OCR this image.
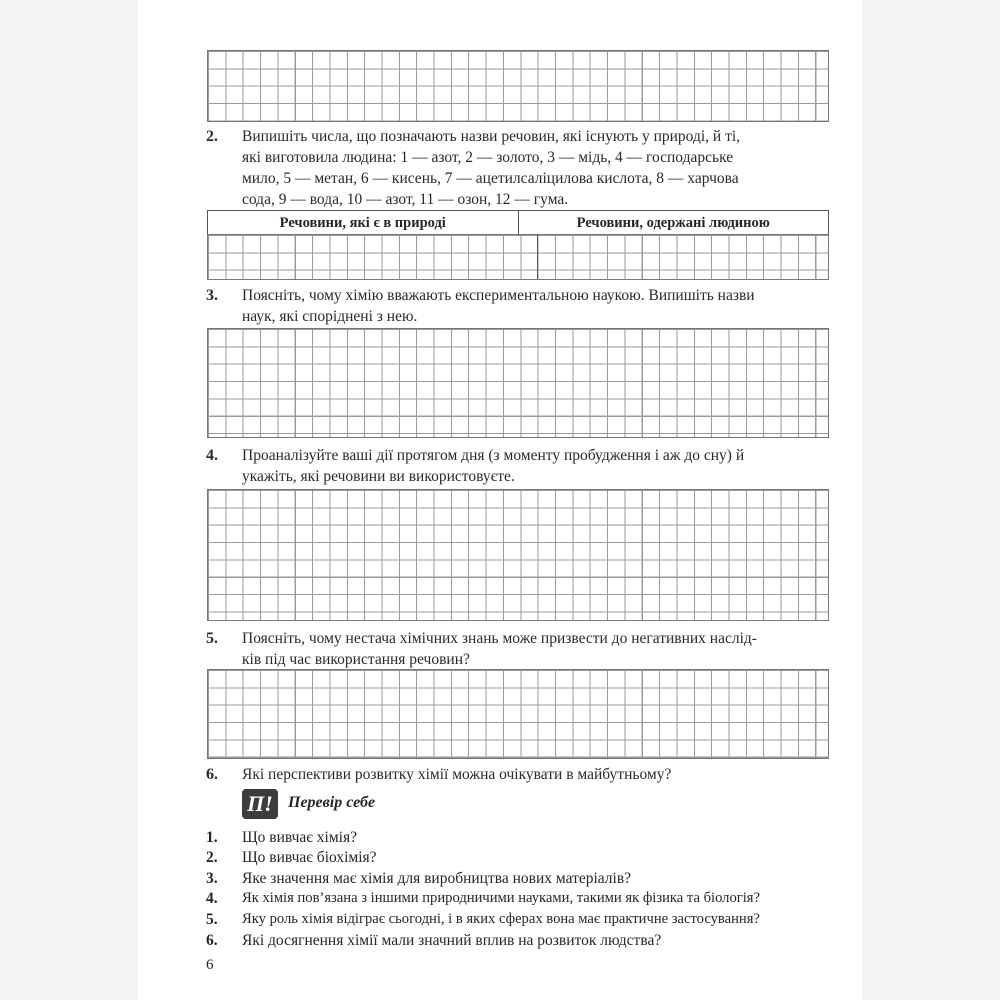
2. Випишіть числа, що позначають назви речовин, які існують у природі, й ті,
які виготовила людина: 1 — азот, 2 — золото, 3 — мідь, 4 — господарське
мило, 5 — метан, 6 — кисень, 7 — ацетилсаліцилова кислота, 8 — харчова
сода, 9 — вода, 10 — азот, 11 — озон, 12 — гума.
Речовини, які є в природі	Речовини, одержані людиною
3. Поясніть, чому хімію вважають експериментальною наукою. Випишіть назви
наук, які споріднені з нею.
4. Проаналізуйте ваші дії протягом дня (з моменту пробудження і аж до сну) й
укажіть, які речовини ви використовуєте.
5. Поясніть, чому нестача хімічних знань може призвести до негативних наслід-
ків під час використання речовин?
6. Які перспективи розвитку хімії можна очікувати в майбутньому?
П! Перевір себе
1. Що вивчає хімія?
2. Що вивчає біохімія?
3. Яке значення має хімія для виробництва нових матеріалів?
4. Як хімія пов’язана з іншими природничими науками, такими як фізика та біологія?
5. Яку роль хімія відіграє сьогодні, і в яких сферах вона має практичне застосування?
6. Які досягнення хімії мали значний вплив на розвиток людства?
6
